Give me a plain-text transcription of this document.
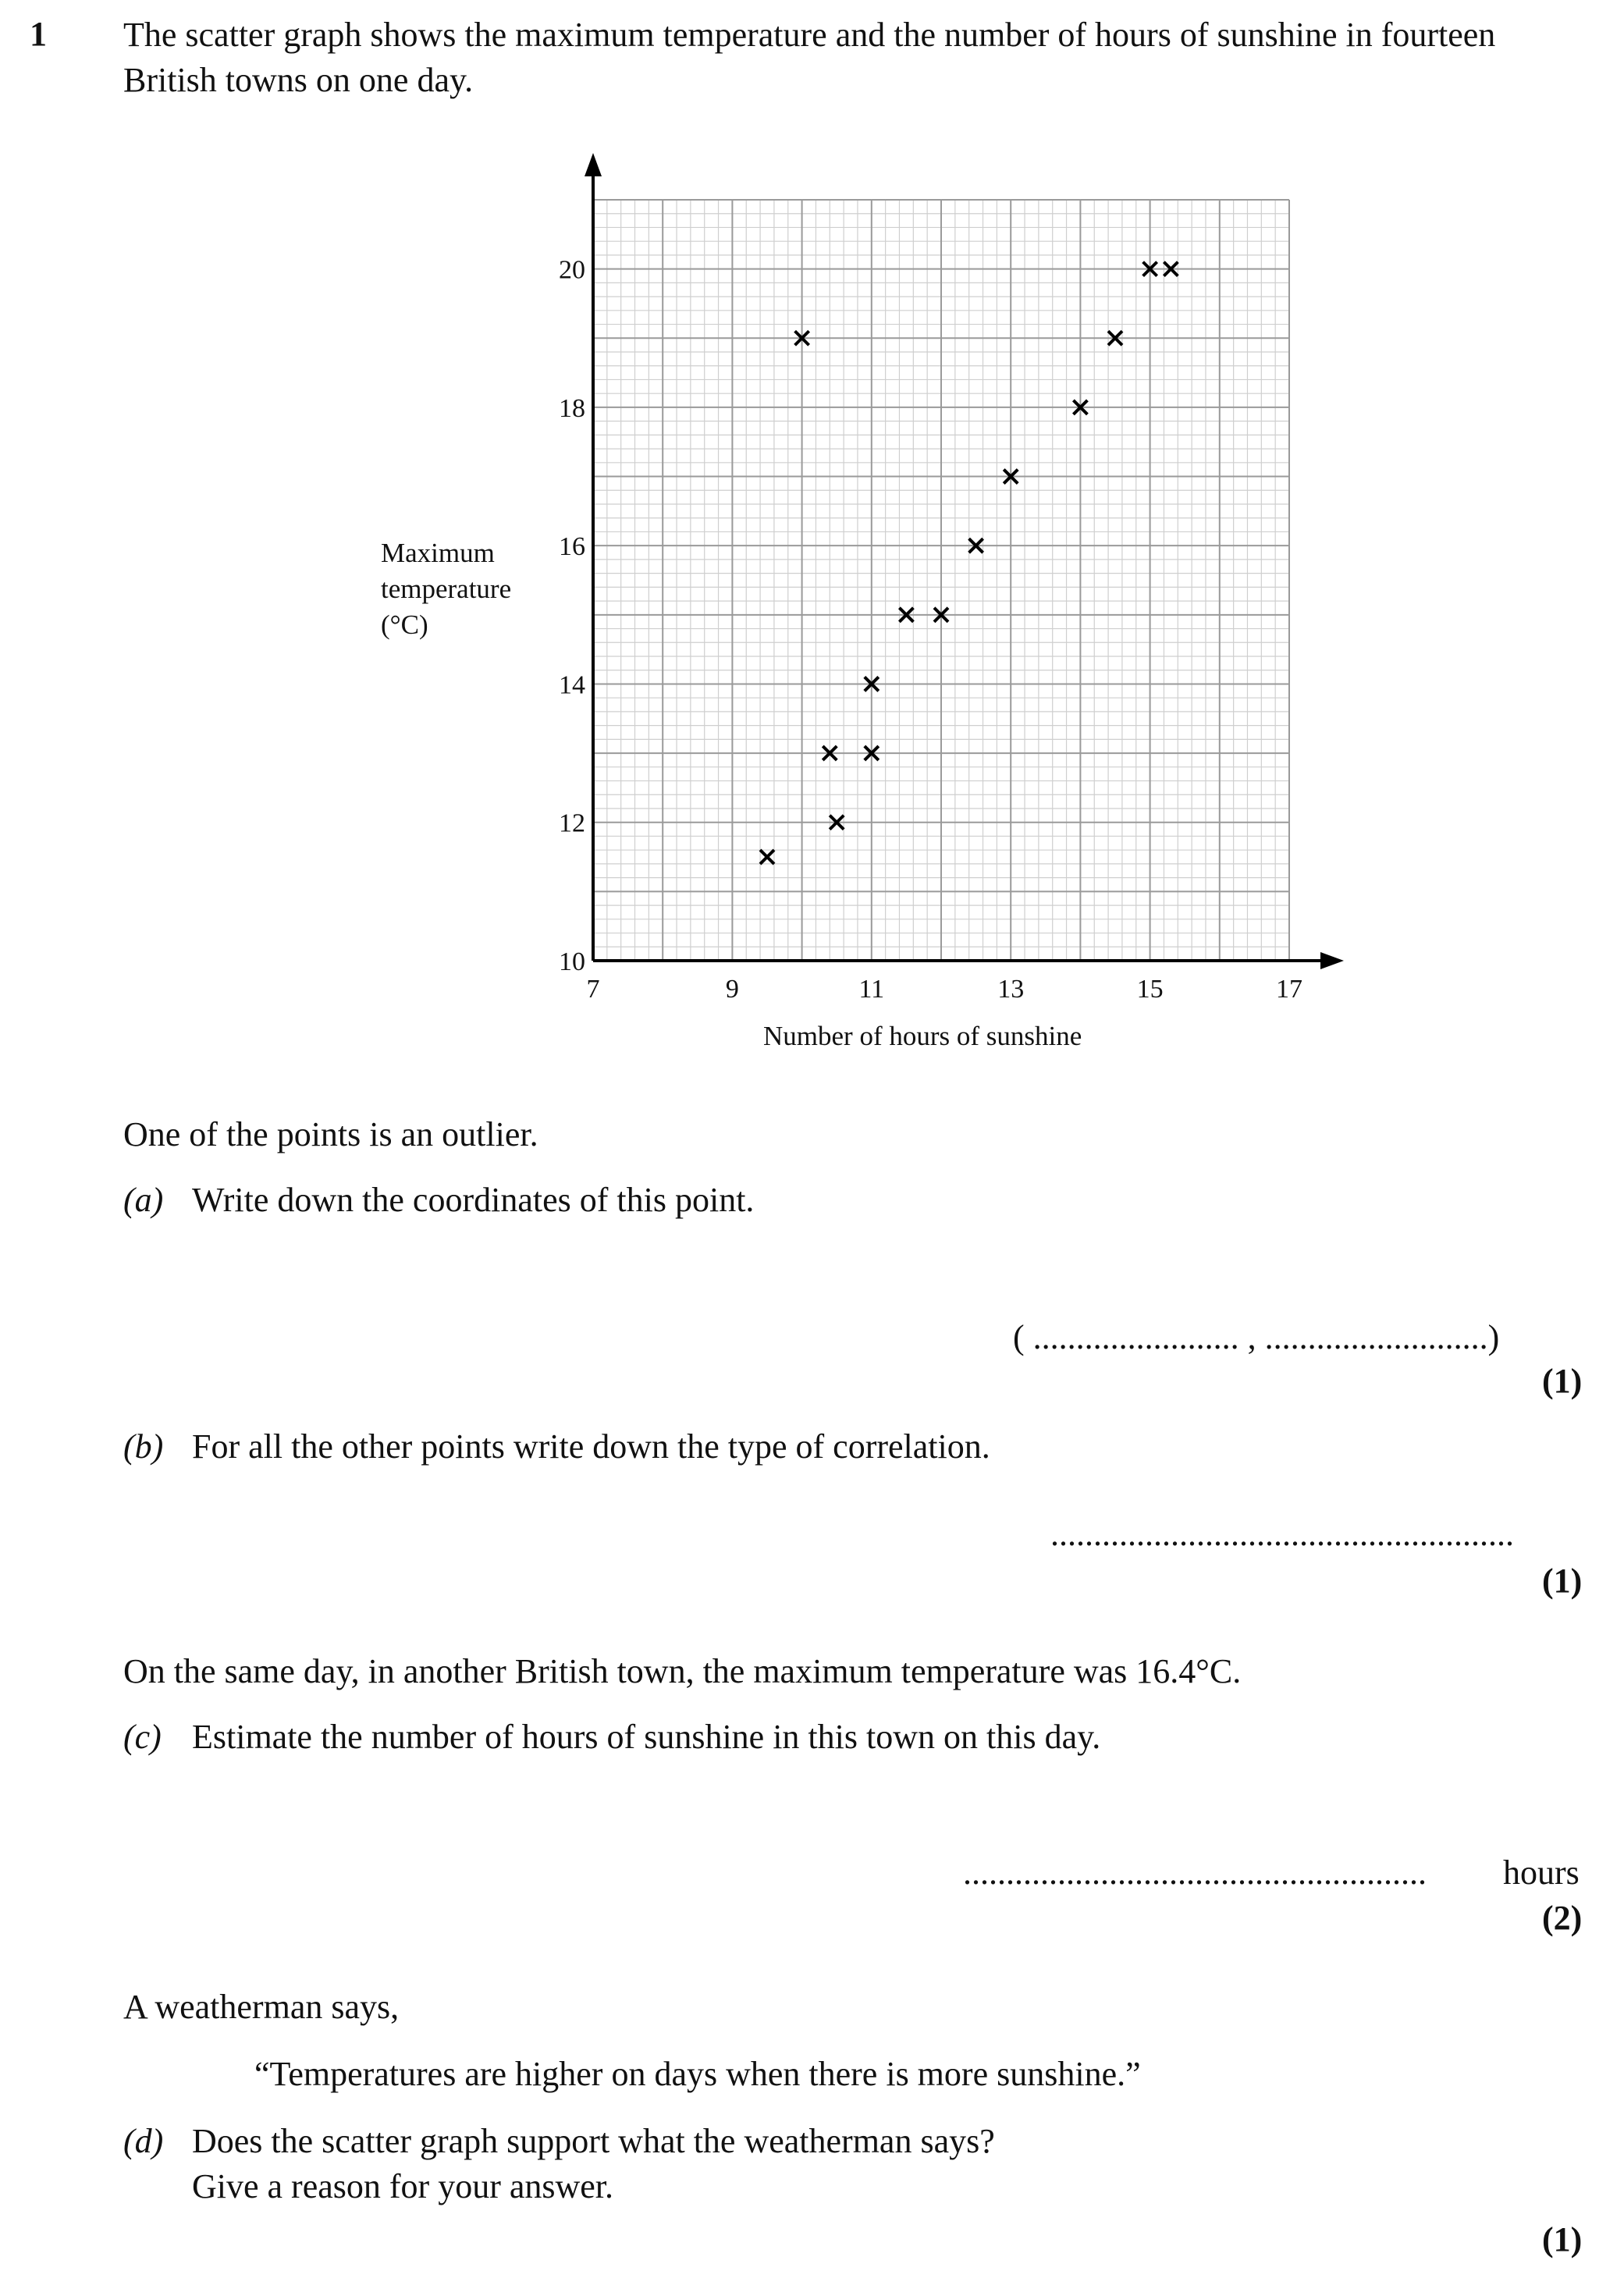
1 The scatter graph shows the maximum temperature and the number of hours of sunshine in fourteen British towns on one day.
7	9	11	13	15	17
10
12
14
16
18
20
Maximum
temperature
(°C)
Number of hours of sunshine
One of the points is an outlier.
(a) Write down the coordinates of this point.
( ........................ , ..........................)
(1)
(b) For all the other points write down the type of correlation.
......................................................
(1)
On the same day, in another British town, the maximum temperature was 16.4°C.
(c) Estimate the number of hours of sunshine in this town on this day.
...................................................... hours
(2)
A weatherman says,
“Temperatures are higher on days when there is more sunshine.”
(d) Does the scatter graph support what the weatherman says?
Give a reason for your answer.
(1)
